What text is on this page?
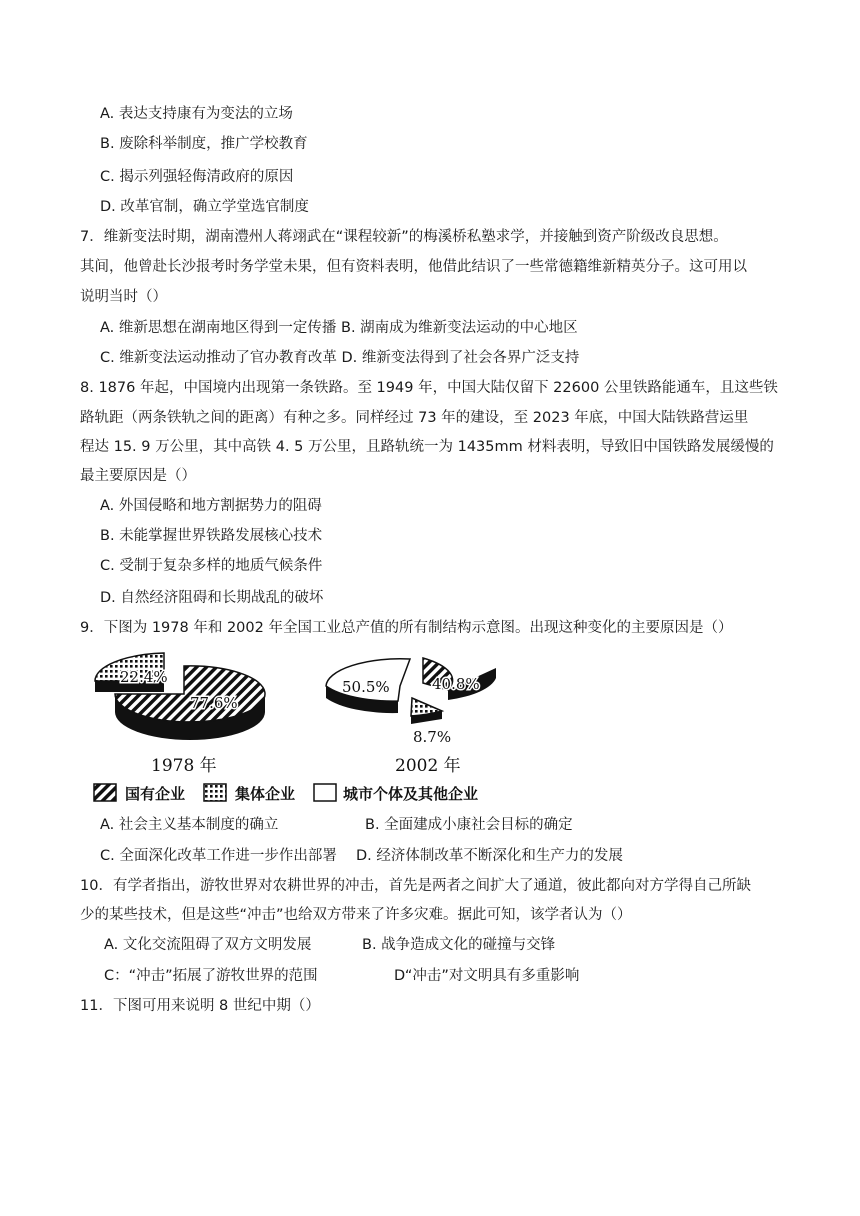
A. 表达支持康有为变法的立场
B. 废除科举制度，推广学校教育
C. 揭示列强轻侮清政府的原因
D. 改革官制，确立学堂选官制度
7．维新变法时期，湖南澧州人蒋翊武在“课程较新”的梅溪桥私塾求学，并接触到资产阶级改良思想。
其间，他曾赴长沙报考时务学堂未果，但有资料表明，他借此结识了一些常德籍维新精英分子。这可用以
说明当时（）
A. 维新思想在湖南地区得到一定传播 B. 湖南成为维新变法运动的中心地区
C. 维新变法运动推动了官办教育改革 D. 维新变法得到了社会各界广泛支持
8. 1876 年起，中国境内出现第一条铁路。至 1949 年，中国大陆仅留下 22600 公里铁路能通车，且这些铁
路轨距（两条铁轨之间的距离）有种之多。同样经过 73 年的建设，至 2023 年底，中国大陆铁路营运里
程达 15. 9 万公里，其中高铁 4. 5 万公里，且路轨统一为 1435mm 材料表明，导致旧中国铁路发展缓慢的
最主要原因是（）
A. 外国侵略和地方割据势力的阻碍
B. 未能掌握世界铁路发展核心技术
C. 受制于复杂多样的地质气候条件
D. 自然经济阻碍和长期战乱的破坏
9．下图为 1978 年和 2002 年全国工业总产值的所有制结构示意图。出现这种变化的主要原因是（）
22.4%
77.6%
1978 年
50.5%	40.8%
8.7%
2002 年
国有企业	集体企业	城市个体及其他企业
A. 社会主义基本制度的确立	B. 全面建成小康社会目标的确定
C. 全面深化改革工作进一步作出部署 D. 经济体制改革不断深化和生产力的发展
10．有学者指出，游牧世界对农耕世界的冲击，首先是两者之间扩大了通道，彼此都向对方学得自己所缺
少的某些技术，但是这些“冲击”也给双方带来了许多灾难。据此可知，该学者认为（）
A. 文化交流阻碍了双方文明发展	B. 战争造成文化的碰撞与交锋
C：“冲击”拓展了游牧世界的范围	D“冲击”对文明具有多重影响
11．下图可用来说明 8 世纪中期（）
